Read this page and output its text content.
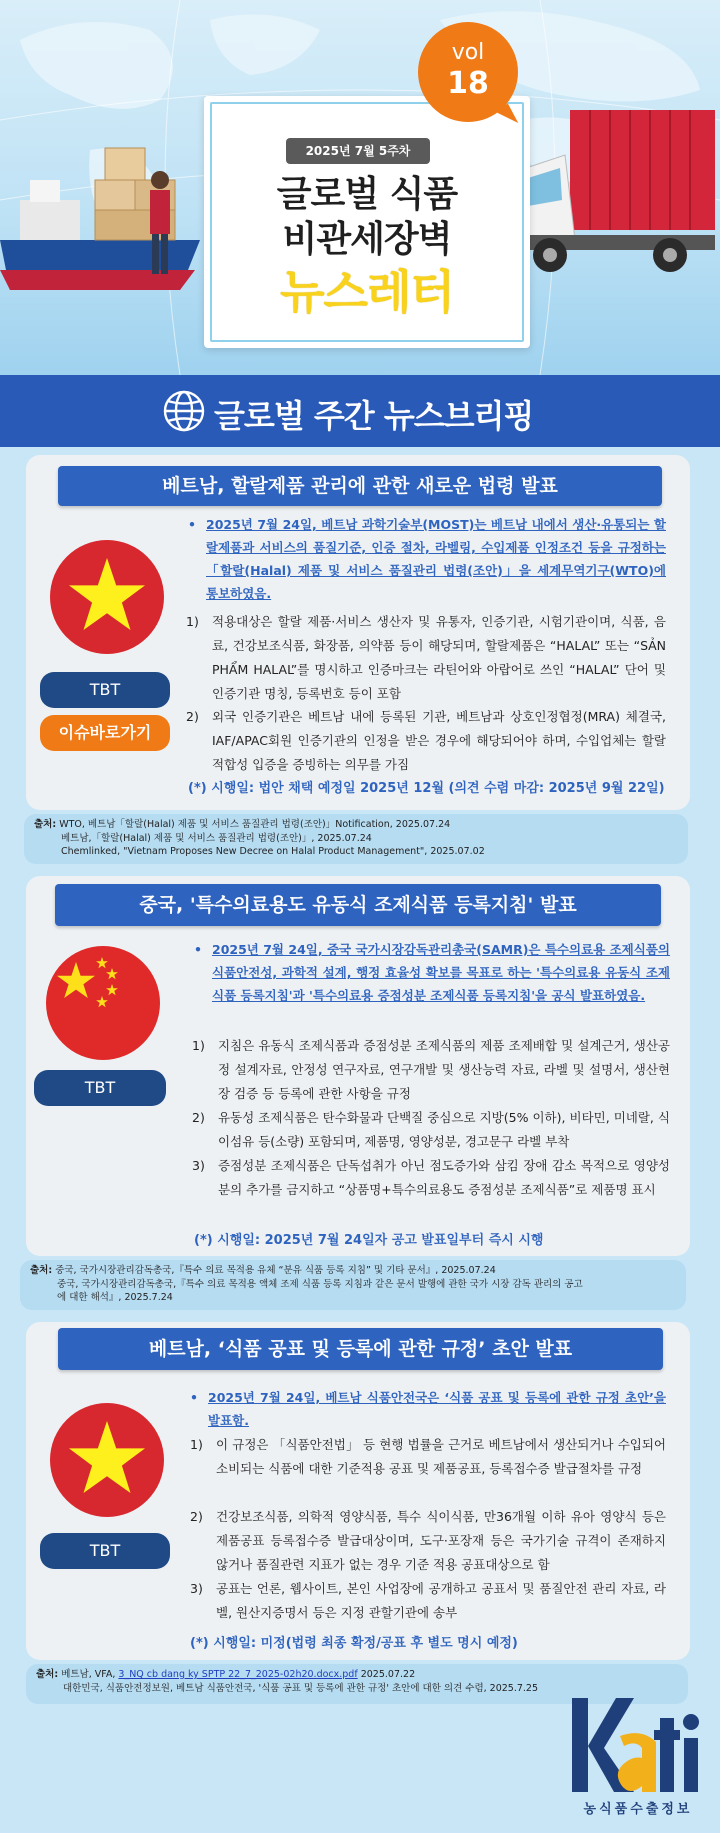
2025년 7월 5주차
글로벌 식품
비관세장벽
뉴스레터
vol
18
글로벌 주간 뉴스브리핑
베트남, 할랄제품 관리에 관한 새로운 법령 발표
TBT
이슈바로가기
• 2025년 7월 24일, 베트남 과학기술부(MOST)는 베트남 내에서 생산·유통되는 할랄제품과 서비스의 품질기준, 인증 절차, 라벨링, 수입제품 인정조건 등을 규정하는 「할랄(Halal) 제품 및 서비스 품질관리 법령(조안)」을 세계무역기구(WTO)에 통보하였음.
1) 적용대상은 할랄 제품·서비스 생산자 및 유통자, 인증기관, 시험기관이며, 식품, 음료, 건강보조식품, 화장품, 의약품 등이 해당되며, 할랄제품은 “HALAL” 또는 “SẢN PHẨM HALAL”를 명시하고 인증마크는 라틴어와 아랍어로 쓰인 “HALAL” 단어 및 인증기관 명칭, 등록번호 등이 포함
2) 외국 인증기관은 베트남 내에 등록된 기관, 베트남과 상호인정협정(MRA) 체결국, IAF/APAC회원 인증기관의 인정을 받은 경우에 해당되어야 하며, 수입업체는 할랄 적합성 입증을 증빙하는 의무를 가짐
(*) 시행일: 법안 채택 예정일 2025년 12월 (의견 수렴 마감: 2025년 9월 22일)
출처: WTO, 베트남「할랄(Halal) 제품 및 서비스 품질관리 법령(조안)」Notification, 2025.07.24
베트남,「할랄(Halal) 제품 및 서비스 품질관리 법령(조안)」, 2025.07.24
Chemlinked, "Vietnam Proposes New Decree on Halal Product Management", 2025.07.02
중국, '특수의료용도 유동식 조제식품 등록지침' 발표
TBT
• 2025년 7월 24일, 중국 국가시장감독관리총국(SAMR)은 특수의료용 조제식품의 식품안전성, 과학적 설계, 행정 효율성 확보를 목표로 하는 '특수의료용 유동식 조제식품 등록지침'과 '특수의료용 증점성분 조제식품 등록지침'을 공식 발표하였음.
1) 지침은 유동식 조제식품과 증점성분 조제식품의 제품 조제배합 및 설계근거, 생산공정 설계자료, 안정성 연구자료, 연구개발 및 생산능력 자료, 라벨 및 설명서, 생산현장 검증 등 등록에 관한 사항을 규정
2) 유동성 조제식품은 탄수화물과 단백질 중심으로 지방(5% 이하), 비타민, 미네랄, 식이섬유 등(소량) 포함되며, 제품명, 영양성분, 경고문구 라벨 부착
3) 증점성분 조제식품은 단독섭취가 아닌 점도증가와 삼킴 장애 감소 목적으로 영양성분의 추가를 금지하고 “상품명+특수의료용도 증점성분 조제식품”로 제품명 표시
(*) 시행일: 2025년 7월 24일자 공고 발표일부터 즉시 시행
출처: 중국, 국가시장관리감독총국,『특수 의료 목적용 유체 “분유 식품 등록 지침” 및 기타 문서』, 2025.07.24
중국, 국가시장관리감독총국,『특수 의료 목적용 액체 조제 식품 등록 지침과 같은 문서 발행에 관한 국가 시장 감독 관리의 공고
에 대한 해석』, 2025.7.24
베트남, ‘식품 공표 및 등록에 관한 규정’ 초안 발표
TBT
• 2025년 7월 24일, 베트남 식품안전국은 ‘식품 공표 및 등록에 관한 규정 초안’을 발표함.
1) 이 규정은 「식품안전법」 등 현행 법률을 근거로 베트남에서 생산되거나 수입되어 소비되는 식품에 대한 기준적용 공표 및 제품공표, 등록접수증 발급절차를 규정
2) 건강보조식품, 의학적 영양식품, 특수 식이식품, 만36개월 이하 유아 영양식 등은 제품공표 등록접수증 발급대상이며, 도구·포장재 등은 국가기술 규격이 존재하지 않거나 품질관련 지표가 없는 경우 기준 적용 공표대상으로 함
3) 공표는 언론, 웹사이트, 본인 사업장에 공개하고 공표서 및 품질안전 관리 자료, 라벨, 원산지증명서 등은 지정 관할기관에 송부
(*) 시행일: 미정(법령 최종 확정/공표 후 별도 명시 예정)
출처: 베트남, VFA, 3_NQ cb dang ky SPTP 22_7_2025-02h20.docx.pdf 2025.07.22
대한민국, 식품안전정보원, 베트남 식품안전국, '식품 공표 및 등록에 관한 규정' 초안에 대한 의견 수렴, 2025.7.25
농식품수출정보
